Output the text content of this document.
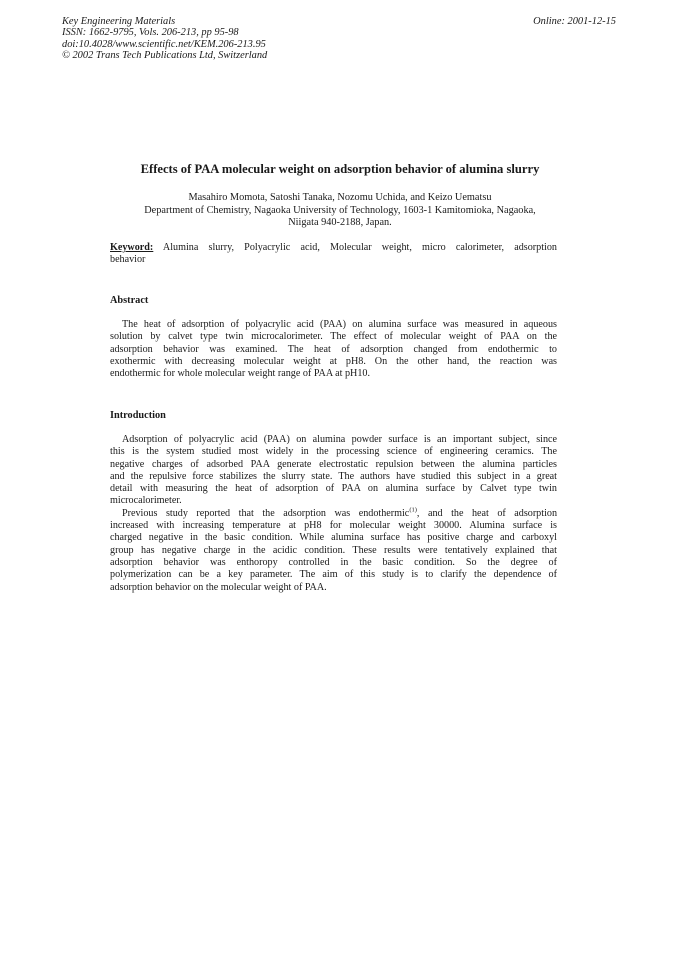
Key Engineering Materials
ISSN: 1662-9795, Vols. 206-213, pp 95-98
doi:10.4028/www.scientific.net/KEM.206-213.95
© 2002 Trans Tech Publications Ltd, Switzerland
Online: 2001-12-15
Effects of PAA molecular weight on adsorption behavior of alumina slurry
Masahiro Momota, Satoshi Tanaka, Nozomu Uchida, and Keizo Uematsu
Department of Chemistry, Nagaoka University of Technology, 1603-1 Kamitomioka, Nagaoka,
Niigata 940-2188, Japan.
Keyword: Alumina slurry, Polyacrylic acid, Molecular weight, micro calorimeter, adsorption
behavior
Abstract
The heat of adsorption of polyacrylic acid (PAA) on alumina surface was measured in aqueous
solution by calvet type twin microcalorimeter. The effect of molecular weight of PAA on the
adsorption behavior was examined. The heat of adsorption changed from endothermic to
exothermic with decreasing molecular weight at pH8. On the other hand, the reaction was
endothermic for whole molecular weight range of PAA at pH10.
Introduction
Adsorption of polyacrylic acid (PAA) on alumina powder surface is an important subject, since
this is the system studied most widely in the processing science of engineering ceramics. The
negative charges of adsorbed PAA generate electrostatic repulsion between the alumina particles
and the repulsive force stabilizes the slurry state. The authors have studied this subject in a great
detail with measuring the heat of adsorption of PAA on alumina surface by Calvet type twin
microcalorimeter.
Previous study reported that the adsorption was endothermic$^{(1)}$, and the heat of adsorption
increased with increasing temperature at pH8 for molecular weight 30000. Alumina surface is
charged negative in the basic condition. While alumina surface has positive charge and carboxyl
group has negative charge in the acidic condition. These results were tentatively explained that
adsorption behavior was enthoropy controlled in the basic condition. So the degree of
polymerization can be a key parameter. The aim of this study is to clarify the dependence of
adsorption behavior on the molecular weight of PAA.
